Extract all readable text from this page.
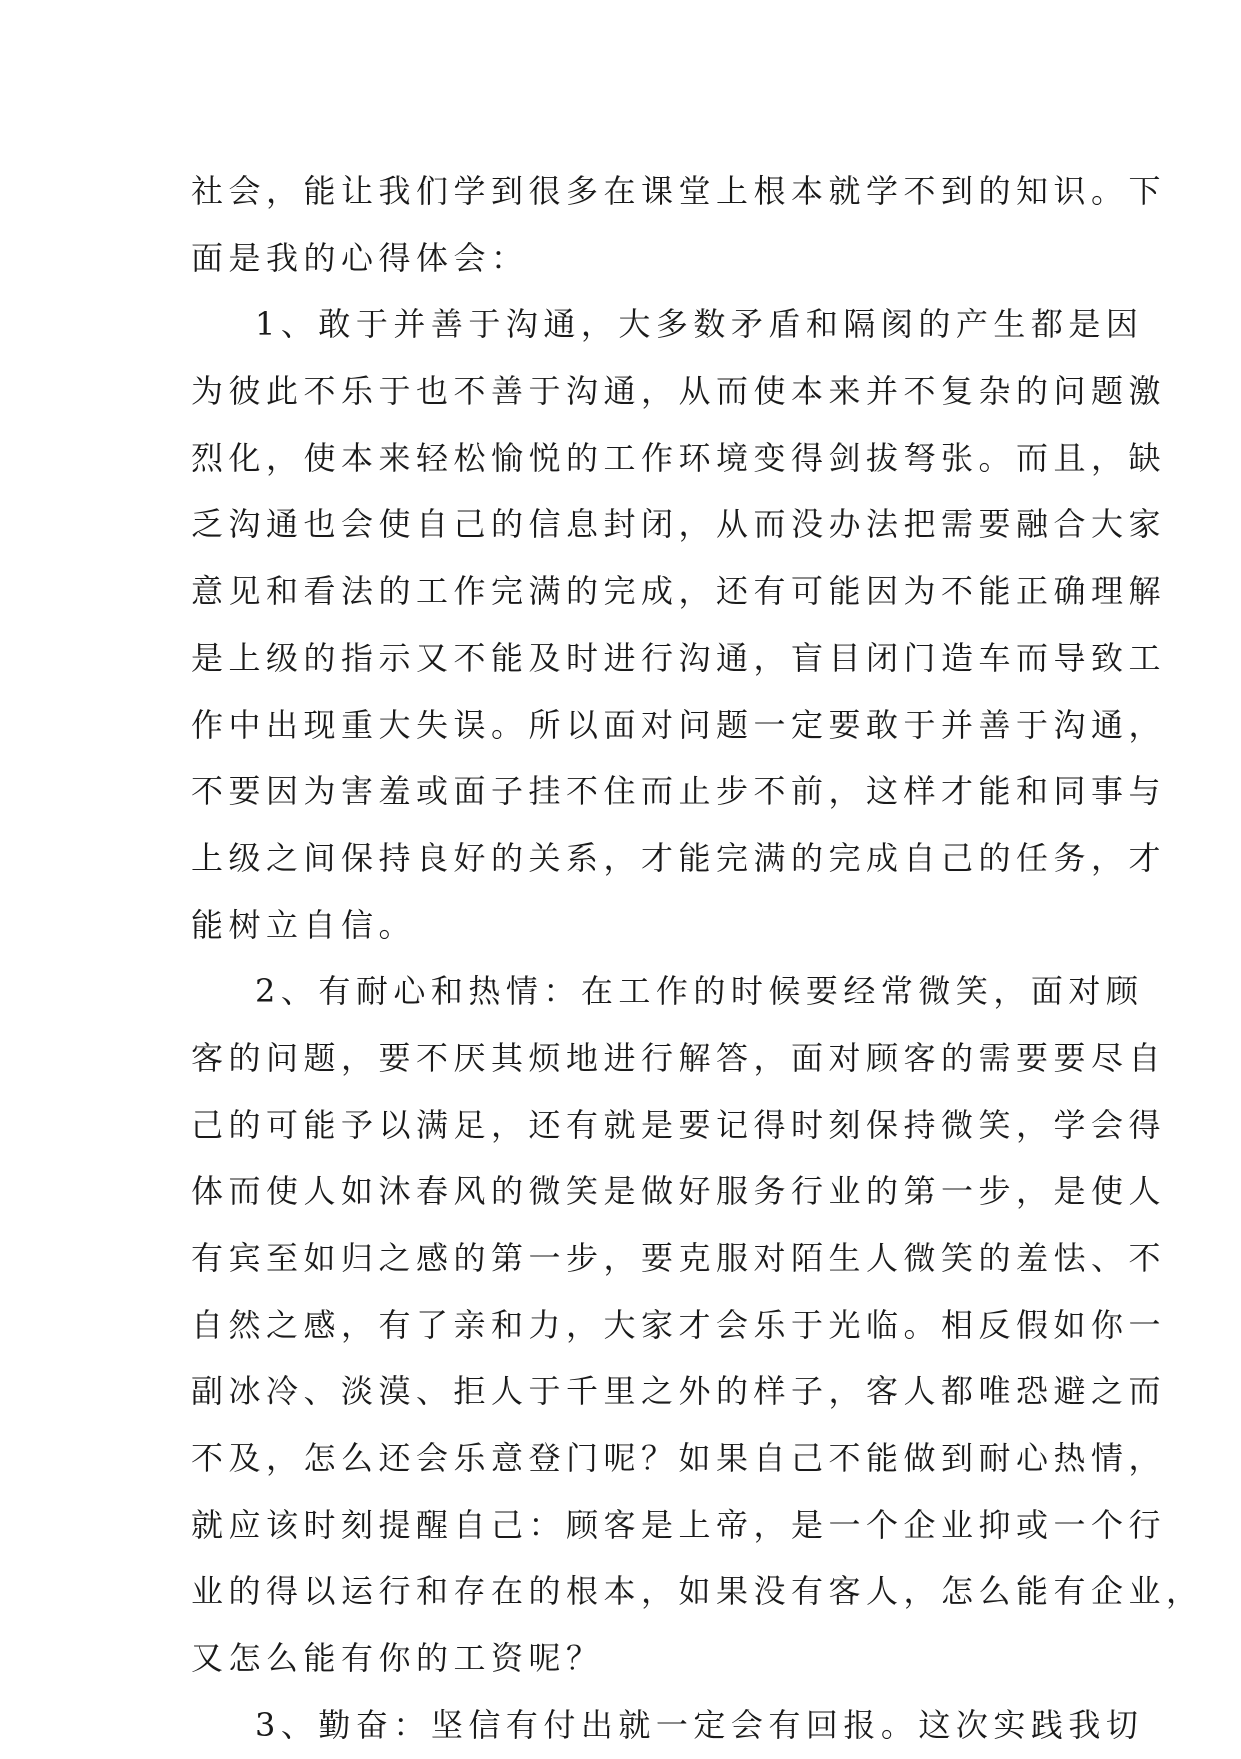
社会，能让我们学到很多在课堂上根本就学不到的知识。下
面是我的心得体会：
1、敢于并善于沟通，大多数矛盾和隔阂的产生都是因
为彼此不乐于也不善于沟通，从而使本来并不复杂的问题激
烈化，使本来轻松愉悦的工作环境变得剑拔弩张。而且，缺
乏沟通也会使自己的信息封闭，从而没办法把需要融合大家
意见和看法的工作完满的完成，还有可能因为不能正确理解
是上级的指示又不能及时进行沟通，盲目闭门造车而导致工
作中出现重大失误。所以面对问题一定要敢于并善于沟通，
不要因为害羞或面子挂不住而止步不前，这样才能和同事与
上级之间保持良好的关系，才能完满的完成自己的任务，才
能树立自信。
2、有耐心和热情：在工作的时候要经常微笑，面对顾
客的问题，要不厌其烦地进行解答，面对顾客的需要要尽自
己的可能予以满足，还有就是要记得时刻保持微笑，学会得
体而使人如沐春风的微笑是做好服务行业的第一步，是使人
有宾至如归之感的第一步，要克服对陌生人微笑的羞怯、不
自然之感，有了亲和力，大家才会乐于光临。相反假如你一
副冰冷、淡漠、拒人于千里之外的样子，客人都唯恐避之而
不及，怎么还会乐意登门呢？如果自己不能做到耐心热情，
就应该时刻提醒自己：顾客是上帝，是一个企业抑或一个行
业的得以运行和存在的根本，如果没有客人，怎么能有企业，
又怎么能有你的工资呢？
3、勤奋：坚信有付出就一定会有回报。这次实践我切
